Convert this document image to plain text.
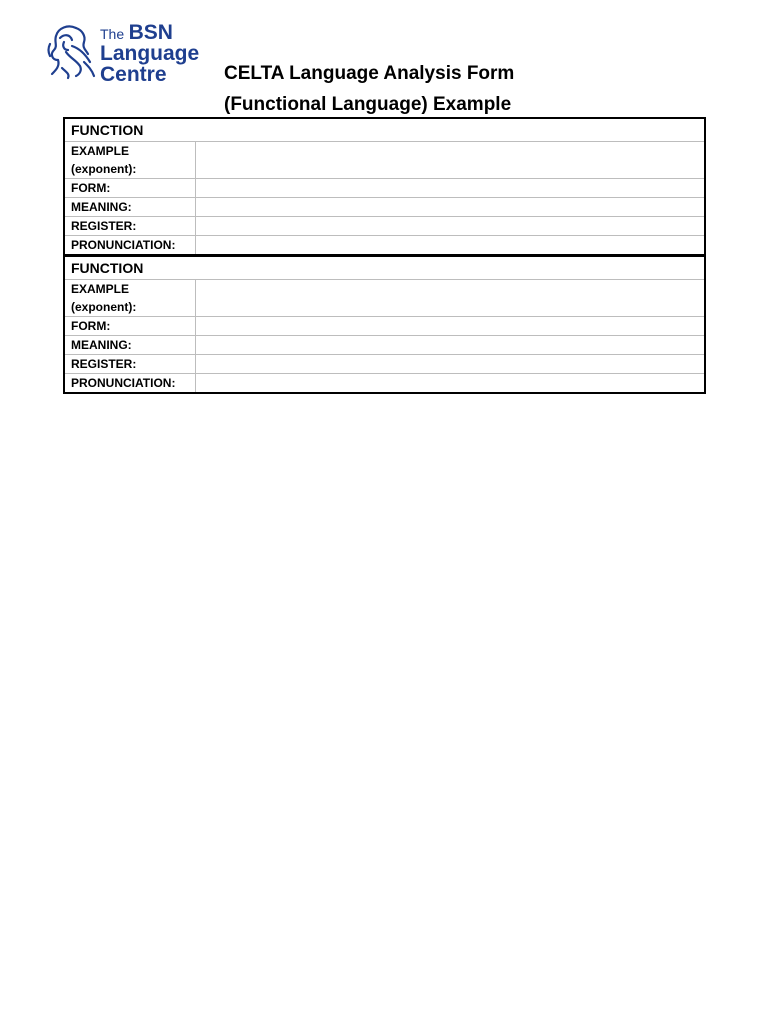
The BSN
Language
Centre	CELTA Language Analysis Form
(Functional Language) Example
FUNCTION
EXAMPLE
(exponent):
FORM:
MEANING:
REGISTER:
PRONUNCIATION:
FUNCTION
EXAMPLE
(exponent):
FORM:
MEANING:
REGISTER:
PRONUNCIATION:
